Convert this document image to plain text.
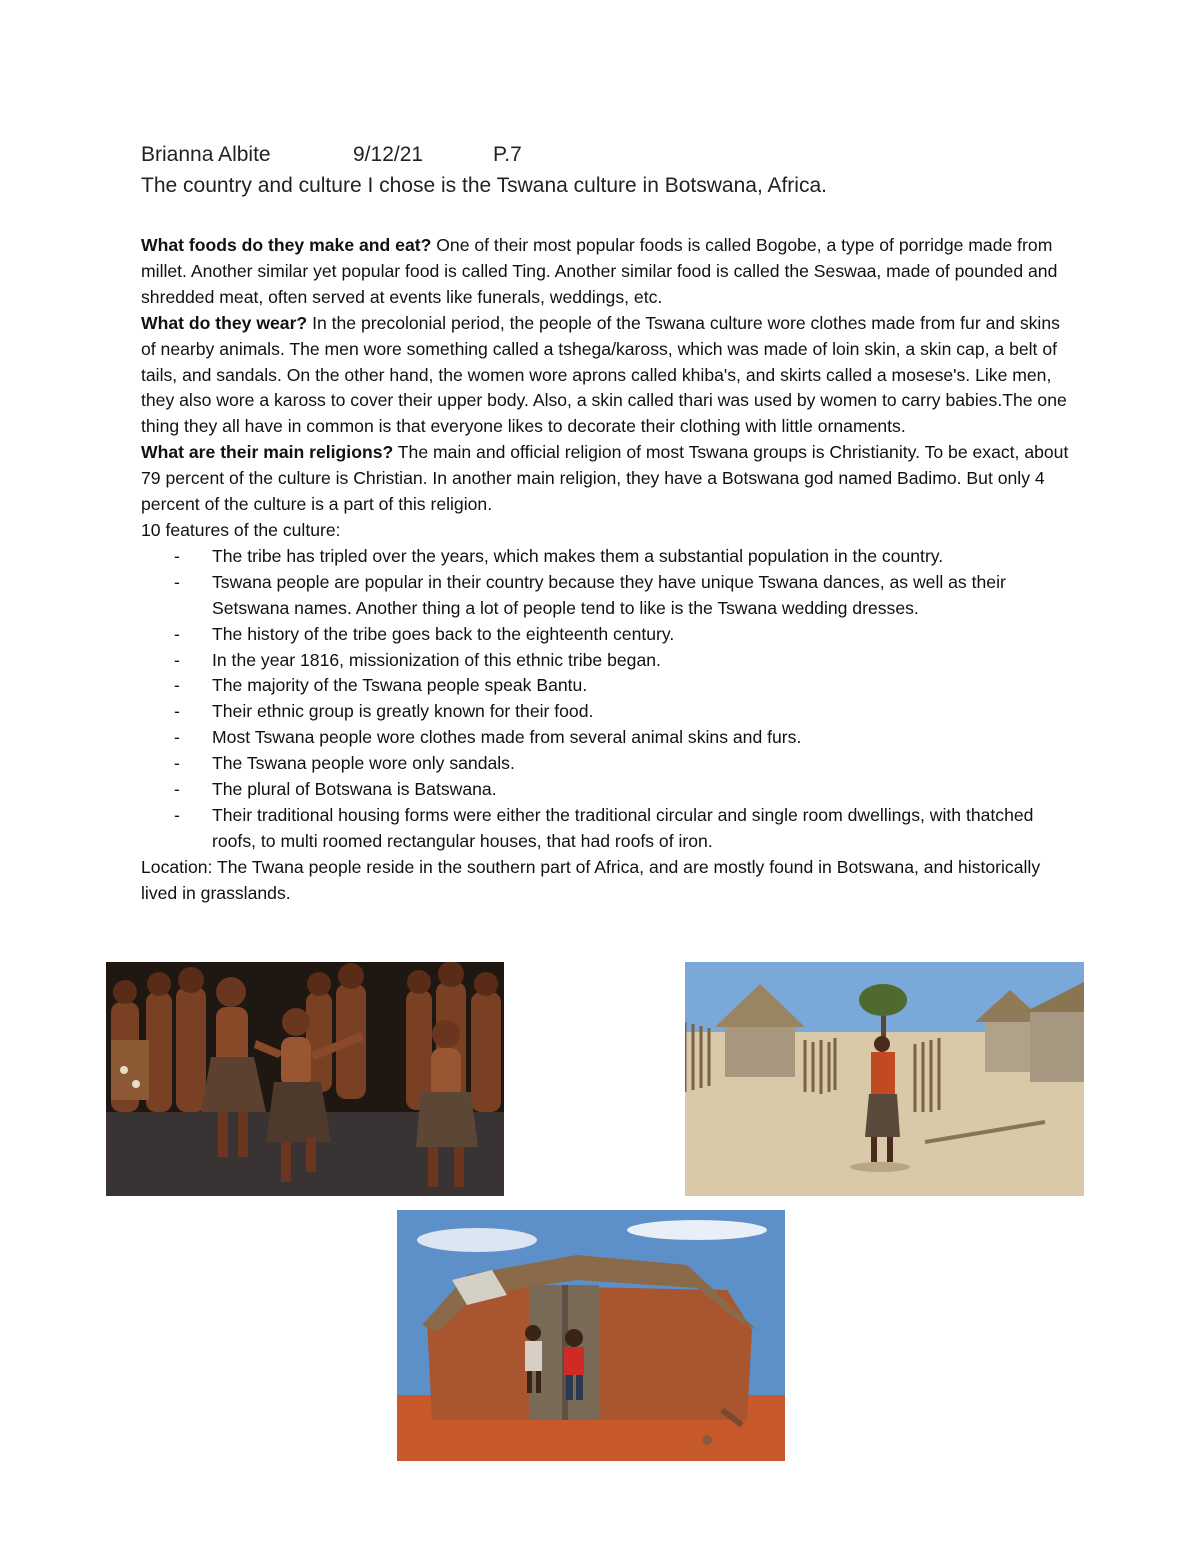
Brianna Albite	9/12/21	P.7
The country and culture I chose is the Tswana culture in Botswana, Africa.

What foods do they make and eat? One of their most popular foods is called Bogobe, a type of porridge made from millet. Another similar yet popular food is called Ting. Another similar food is called the Seswaa, made of pounded and shredded meat, often served at events like funerals, weddings, etc.

What do they wear? In the precolonial period, the people of the Tswana culture wore clothes made from fur and skins of nearby animals. The men wore something called a tshega/kaross, which was made of loin skin, a skin cap, a belt of tails, and sandals. On the other hand, the women wore aprons called khiba's, and skirts called a mosese's. Like men, they also wore a kaross to cover their upper body. Also, a skin called thari was used by women to carry babies.The one thing they all have in common is that everyone likes to decorate their clothing with little ornaments.

What are their main religions? The main and official religion of most Tswana groups is Christianity. To be exact, about 79 percent of the culture is Christian. In another main religion, they have a Botswana god named Badimo. But only 4 percent of the culture is a part of this religion.

10 features of the culture:

- The tribe has tripled over the years, which makes them a substantial population in the country.
- Tswana people are popular in their country because they have unique Tswana dances, as well as their Setswana names. Another thing a lot of people tend to like is the Tswana wedding dresses.
- The history of the tribe goes back to the eighteenth century.
- In the year 1816, missionization of this ethnic tribe began.
- The majority of the Tswana people speak Bantu.
- Their ethnic group is greatly known for their food.
- Most Tswana people wore clothes made from several animal skins and furs.
- The Tswana people wore only sandals.
- The plural of Botswana is Batswana.
- Their traditional housing forms were either the traditional circular and single room dwellings, with thatched roofs, to multi roomed rectangular houses, that had roofs of iron.

Location: The Twana people reside in the southern part of Africa, and are mostly found in Botswana, and historically lived in grasslands.
